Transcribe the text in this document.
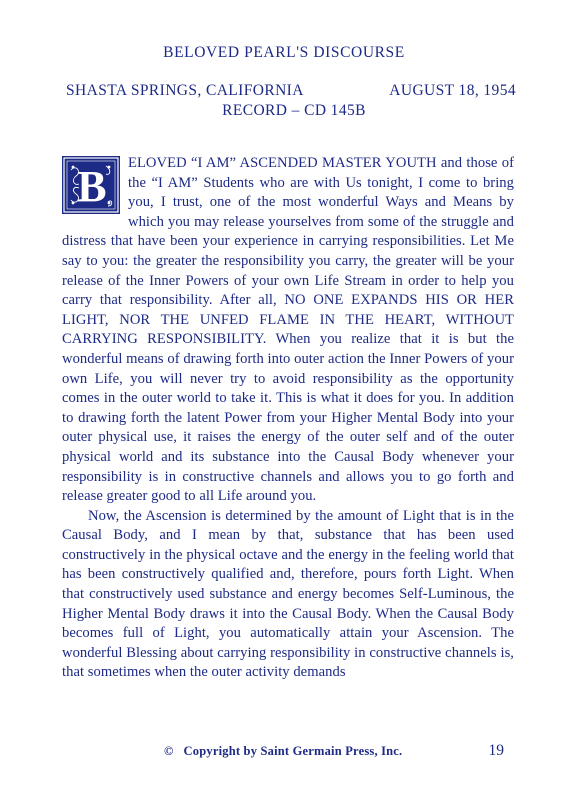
BELOVED PEARL'S DISCOURSE
SHASTA SPRINGS, CALIFORNIA	AUGUST 18, 1954
RECORD – CD 145B
B	ELOVED “I AM” ASCENDED MASTER YOUTH and those of the “I AM” Students who are with Us tonight, I come to bring you, I trust, one of the most wonderful Ways and Means by which you may release yourselves from some of the struggle and distress that have been your experience in carrying responsibilities. Let Me say to you: the greater the responsibility you carry, the greater will be your release of the Inner Powers of your own Life Stream in order to help you carry that responsibility. After all, NO ONE EXPANDS HIS OR HER LIGHT, NOR THE UNFED FLAME IN THE HEART, WITHOUT CARRYING RESPONSIBILITY. When you realize that it is but the wonderful means of drawing forth into outer action the Inner Powers of your own Life, you will never try to avoid responsibility as the opportunity comes in the outer world to take it. This is what it does for you. In addition to drawing forth the latent Power from your Higher Mental Body into your outer physical use, it raises the energy of the outer self and of the outer physical world and its substance into the Causal Body whenever your responsibility is in constructive channels and allows you to go forth and release greater good to all Life around you.

Now, the Ascension is determined by the amount of Light that is in the Causal Body, and I mean by that, substance that has been used constructively in the physical octave and the energy in the feeling world that has been constructively qualified and, therefore, pours forth Light. When that constructively used substance and energy becomes Self-Luminous, the Higher Mental Body draws it into the Causal Body. When the Causal Body becomes full of Light, you automatically attain your Ascension. The wonderful Blessing about carrying responsibility in constructive channels is, that sometimes when the outer activity demands

© Copyright by Saint Germain Press, Inc.	19
